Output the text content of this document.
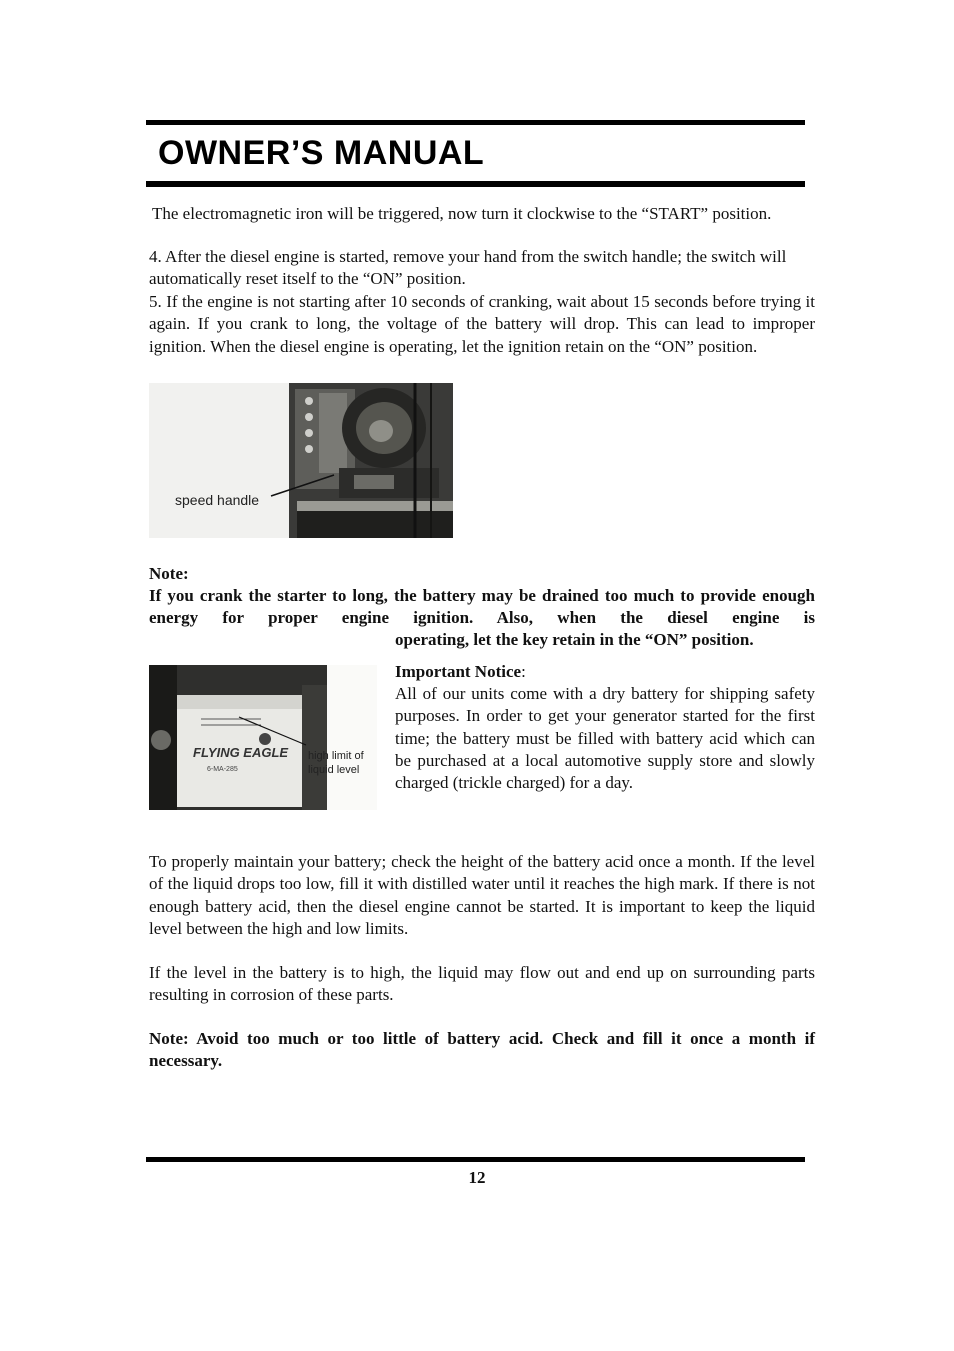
OWNER’S MANUAL

The electromagnetic iron will be triggered, now turn it clockwise to the “START” position.

4. After the diesel engine is started, remove your hand from the switch handle; the switch will automatically reset itself to the “ON” position.

5. If the engine is not starting after 10 seconds of cranking, wait about 15 seconds before trying it again. If you crank to long, the voltage of the battery will drop. This can lead to improper ignition. When the diesel engine is operating, let the ignition retain on the “ON” position.

speed handle

Note:

If you crank the starter to long, the battery may be drained too much to provide enough energy for proper engine ignition. Also, when the diesel engine is

operating, let the key retain in the “ON” position.

FLYING EAGLE
6-MA-285
high limit of
liquid level

Important Notice:

All of our units come with a dry battery for shipping safety purposes. In order to get your generator started for the first time; the battery must be filled with battery acid which can be purchased at a local automotive supply store and slowly charged (trickle charged) for a day.

To properly maintain your battery; check the height of the battery acid once a month. If the level of the liquid drops too low, fill it with distilled water until it reaches the high mark. If there is not enough battery acid, then the diesel engine cannot be started. It is important to keep the liquid level between the high and low limits.

If the level in the battery is to high, the liquid may flow out and end up on surrounding parts resulting in corrosion of these parts.

Note: Avoid too much or too little of battery acid. Check and fill it once a month if necessary.

12
